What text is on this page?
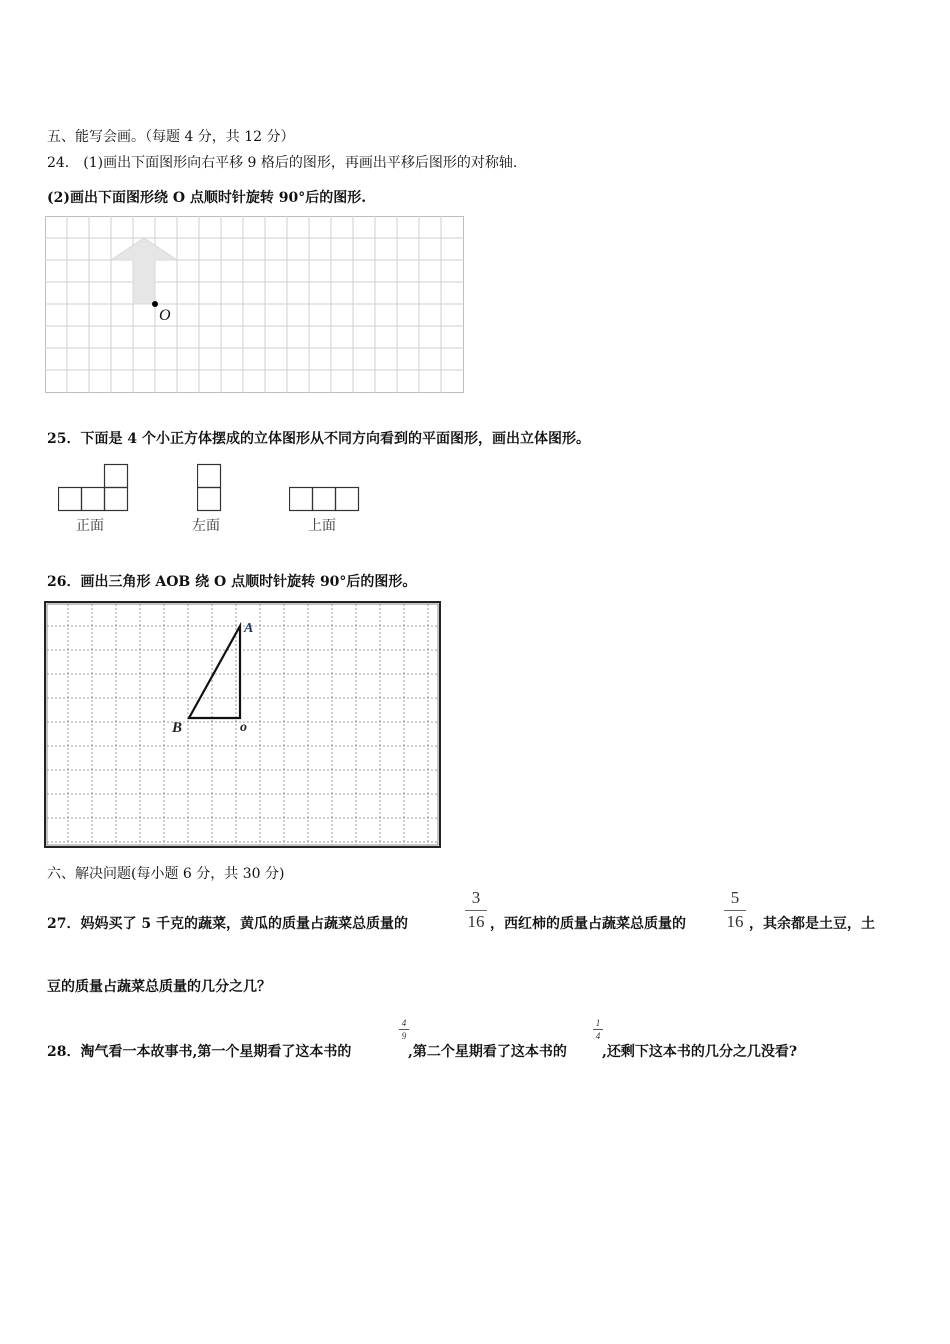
五、能写会画。（每题 4 分，共 12 分）
24． (1)画出下面图形向右平移 9 格后的图形，再画出平移后图形的对称轴.
(2)画出下面图形绕 O 点顺时针旋转 90°后的图形.
O
25．下面是 4 个小正方体摆成的立体图形从不同方向看到的平面图形，画出立体图形。
正面	左面	上面
26．画出三角形 AOB 绕 O 点顺时针旋转 90°后的图形。
A
B	o
六、解决问题(每小题 6 分，共 30 分)
27．妈妈买了 5 千克的蔬菜，黄瓜的质量占蔬菜总质量的
3
16 ，西红柿的质量占蔬菜总质量的
5
16 ，其余都是土豆，土
豆的质量占蔬菜总质量的几分之几？
28．淘气看一本故事书,第一个星期看了这本书的
4
9
,第二个星期看了这本书的
1
4
,还剩下这本书的几分之几没看?
